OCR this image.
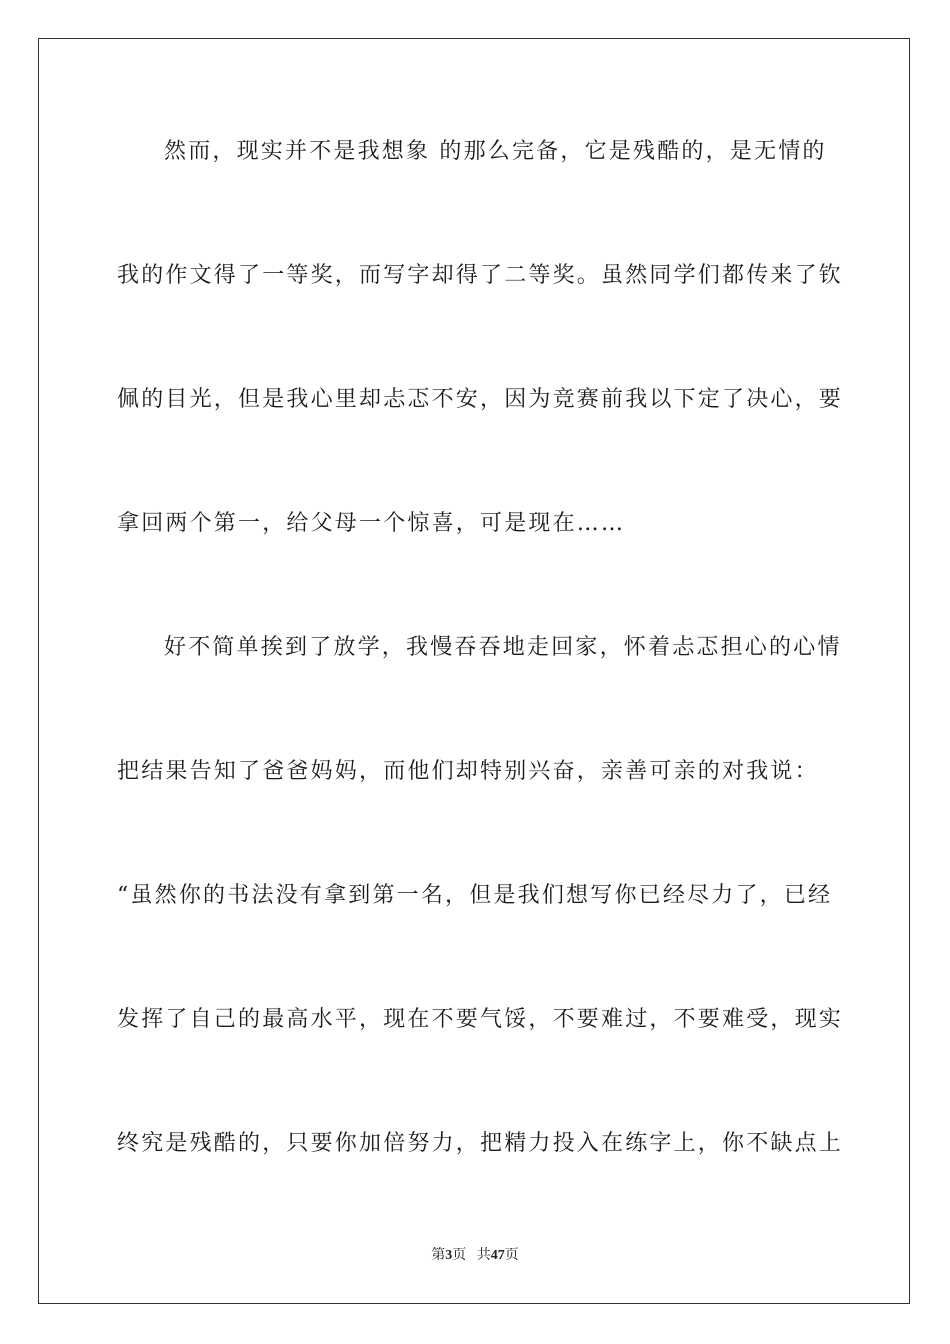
然而，现实并不是我想象 的那么完备，它是残酷的，是无情的
我的作文得了一等奖，而写字却得了二等奖。虽然同学们都传来了钦
佩的目光，但是我心里却忐忑不安，因为竞赛前我以下定了决心，要
拿回两个第一，给父母一个惊喜，可是现在……
好不简单挨到了放学，我慢吞吞地走回家，怀着忐忑担心的心情
把结果告知了爸爸妈妈，而他们却特别兴奋，亲善可亲的对我说：
“虽然你的书法没有拿到第一名，但是我们想写你已经尽力了，已经
发挥了自己的最高水平，现在不要气馁，不要难过，不要难受，现实
终究是残酷的，只要你加倍努力，把精力投入在练字上，你不缺点上
第3页 共47页
